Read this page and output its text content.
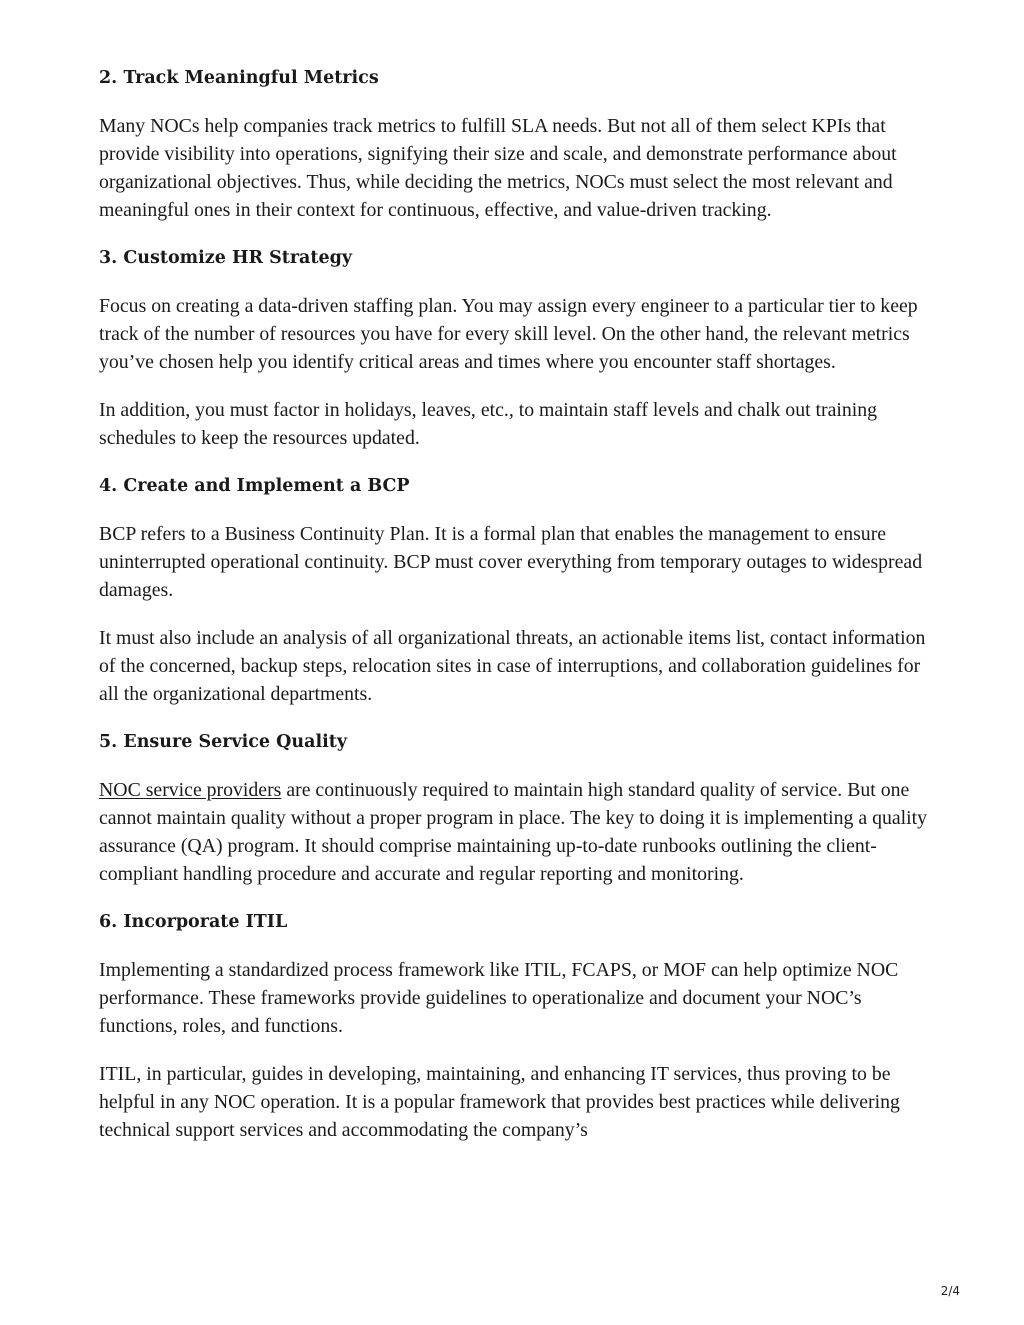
2. Track Meaningful Metrics

Many NOCs help companies track metrics to fulfill SLA needs. But not all of them select KPIs that provide visibility into operations, signifying their size and scale, and demonstrate performance about organizational objectives. Thus, while deciding the metrics, NOCs must select the most relevant and meaningful ones in their context for continuous, effective, and value-driven tracking.

3. Customize HR Strategy

Focus on creating a data-driven staffing plan. You may assign every engineer to a particular tier to keep track of the number of resources you have for every skill level. On the other hand, the relevant metrics you’ve chosen help you identify critical areas and times where you encounter staff shortages.

In addition, you must factor in holidays, leaves, etc., to maintain staff levels and chalk out training schedules to keep the resources updated.

4. Create and Implement a BCP

BCP refers to a Business Continuity Plan. It is a formal plan that enables the management to ensure uninterrupted operational continuity. BCP must cover everything from temporary outages to widespread damages.

It must also include an analysis of all organizational threats, an actionable items list, contact information of the concerned, backup steps, relocation sites in case of interruptions, and collaboration guidelines for all the organizational departments.

5. Ensure Service Quality

NOC service providers are continuously required to maintain high standard quality of service. But one cannot maintain quality without a proper program in place. The key to doing it is implementing a quality assurance (QA) program. It should comprise maintaining up-to-date runbooks outlining the client-compliant handling procedure and accurate and regular reporting and monitoring.

6. Incorporate ITIL

Implementing a standardized process framework like ITIL, FCAPS, or MOF can help optimize NOC performance. These frameworks provide guidelines to operationalize and document your NOC’s functions, roles, and functions.

ITIL, in particular, guides in developing, maintaining, and enhancing IT services, thus proving to be helpful in any NOC operation. It is a popular framework that provides best practices while delivering technical support services and accommodating the company’s

2/4
